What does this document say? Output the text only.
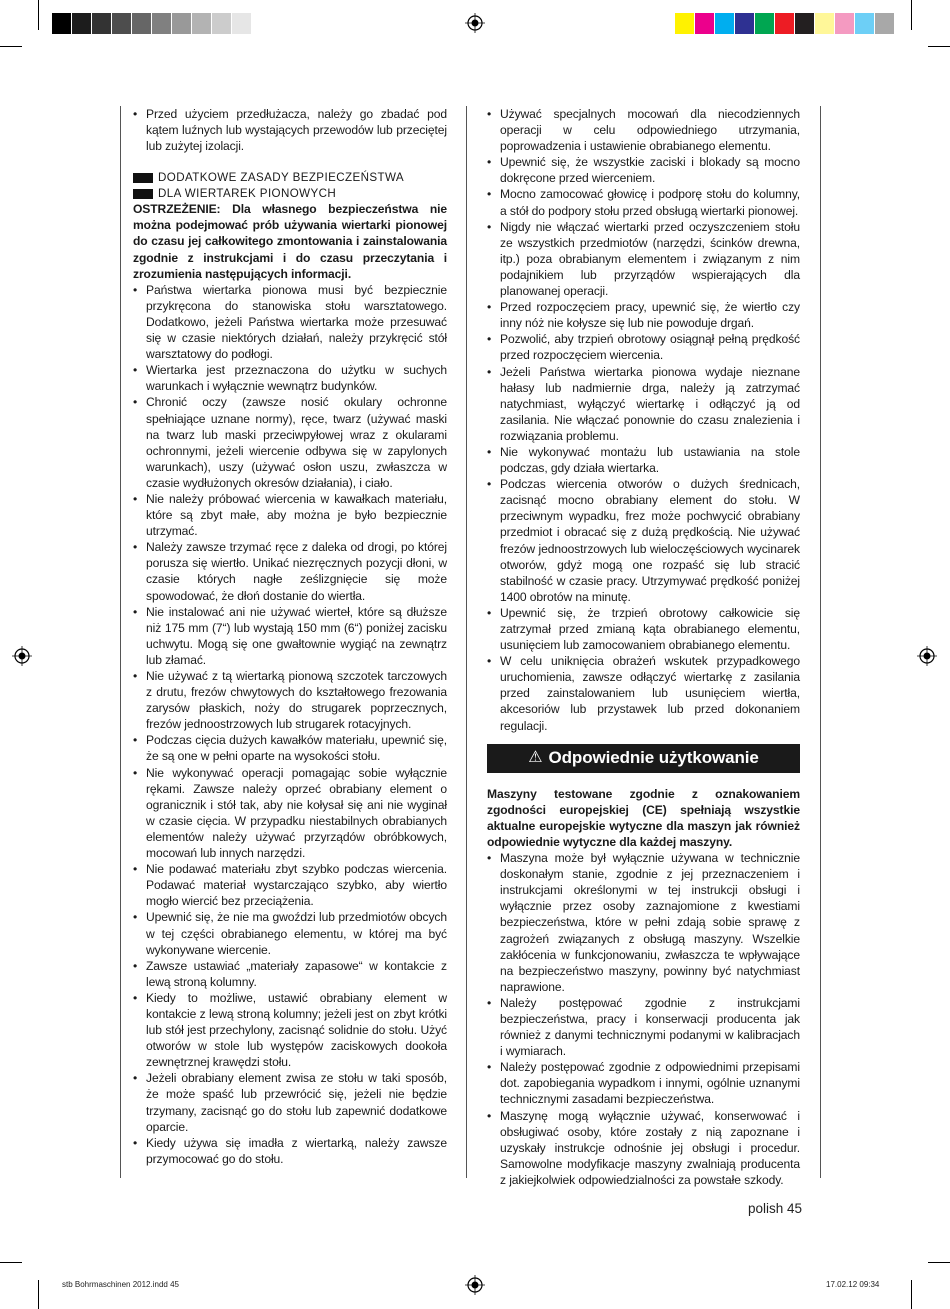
• Przed użyciem przedłużacza, należy go zbadać pod kątem luźnych lub wystających przewodów lub przeciętej lub zużytej izolacji.
DODATKOWE ZASADY BEZPIECZEŃSTWA
DLA WIERTAREK PIONOWYCH

OSTRZEŻENIE: Dla własnego bezpieczeństwa nie można podejmować prób używania wiertarki pionowej do czasu jej całkowitego zmontowania i zainstalowania zgodnie z instrukcjami i do czasu przeczytania i zrozumienia następujących informacji.

• Państwa wiertarka pionowa musi być bezpiecznie przykręcona do stanowiska stołu warsztatowego. Dodatkowo, jeżeli Państwa wiertarka może przesuwać się w czasie niektórych działań, należy przykręcić stół warsztatowy do podłogi.
• Wiertarka jest przeznaczona do użytku w suchych warunkach i wyłącznie wewnątrz budynków.
• Chronić oczy (zawsze nosić okulary ochronne spełniające uznane normy), ręce, twarz (używać maski na twarz lub maski przeciwpyłowej wraz z okularami ochronnymi, jeżeli wiercenie odbywa się w zapylonych warunkach), uszy (używać osłon uszu, zwłaszcza w czasie wydłużonych okresów działania), i ciało.
• Nie należy próbować wiercenia w kawałkach materiału, które są zbyt małe, aby można je było bezpiecznie utrzymać.
• Należy zawsze trzymać ręce z daleka od drogi, po której porusza się wiertło. Unikać niezręcznych pozycji dłoni, w czasie których nagłe ześlizgnięcie się może spowodować, że dłoń dostanie do wiertła.
• Nie instalować ani nie używać wierteł, które są dłuższe niż 175 mm (7“) lub wystają 150 mm (6“) poniżej zacisku uchwytu. Mogą się one gwałtownie wygiąć na zewnątrz lub złamać.
• Nie używać z tą wiertarką pionową szczotek tarczowych z drutu, frezów chwytowych do kształtowego frezowania zarysów płaskich, noży do strugarek poprzecznych, frezów jednoostrzowych lub strugarek rotacyjnych.
• Podczas cięcia dużych kawałków materiału, upewnić się, że są one w pełni oparte na wysokości stołu.
• Nie wykonywać operacji pomagając sobie wyłącznie rękami. Zawsze należy oprzeć obrabiany element o ogranicznik i stół tak, aby nie kołysał się ani nie wyginał w czasie cięcia. W przypadku niestabilnych obrabianych elementów należy używać przyrządów obróbkowych, mocowań lub innych narzędzi.
• Nie podawać materiału zbyt szybko podczas wiercenia. Podawać materiał wystarczająco szybko, aby wiertło mogło wiercić bez przeciążenia.
• Upewnić się, że nie ma gwoździ lub przedmiotów obcych w tej części obrabianego elementu, w której ma być wykonywane wiercenie.
• Zawsze ustawiać „materiały zapasowe“ w kontakcie z lewą stroną kolumny.
• Kiedy to możliwe, ustawić obrabiany element w kontakcie z lewą stroną kolumny; jeżeli jest on zbyt krótki lub stół jest przechylony, zacisnąć solidnie do stołu. Użyć otworów w stole lub występów zaciskowych dookoła zewnętrznej krawędzi stołu.
• Jeżeli obrabiany element zwisa ze stołu w taki sposób, że może spaść lub przewrócić się, jeżeli nie będzie trzymany, zacisnąć go do stołu lub zapewnić dodatkowe oparcie.
• Kiedy używa się imadła z wiertarką, należy zawsze przymocować go do stołu.
• Używać specjalnych mocowań dla niecodziennych operacji w celu odpowiedniego utrzymania, poprowadzenia i ustawienie obrabianego elementu.
• Upewnić się, że wszystkie zaciski i blokady są mocno dokręcone przed wierceniem.
• Mocno zamocować głowicę i podporę stołu do kolumny, a stół do podpory stołu przed obsługą wiertarki pionowej.
• Nigdy nie włączać wiertarki przed oczyszczeniem stołu ze wszystkich przedmiotów (narzędzi, ścinków drewna, itp.) poza obrabianym elementem i związanym z nim podajnikiem lub przyrządów wspierających dla planowanej operacji.
• Przed rozpoczęciem pracy, upewnić się, że wiertło czy inny nóż nie kołysze się lub nie powoduje drgań.
• Pozwolić, aby trzpień obrotowy osiągnął pełną prędkość przed rozpoczęciem wiercenia.
• Jeżeli Państwa wiertarka pionowa wydaje nieznane hałasy lub nadmiernie drga, należy ją zatrzymać natychmiast, wyłączyć wiertarkę i odłączyć ją od zasilania. Nie włączać ponownie do czasu znalezienia i rozwiązania problemu.
• Nie wykonywać montażu lub ustawiania na stole podczas, gdy działa wiertarka.
• Podczas wiercenia otworów o dużych średnicach, zacisnąć mocno obrabiany element do stołu. W przeciwnym wypadku, frez może pochwycić obrabiany przedmiot i obracać się z dużą prędkością. Nie używać frezów jednoostrzowych lub wieloczęściowych wycinarek otworów, gdyż mogą one rozpaść się lub stracić stabilność w czasie pracy. Utrzymywać prędkość poniżej 1400 obrotów na minutę.
• Upewnić się, że trzpień obrotowy całkowicie się zatrzymał przed zmianą kąta obrabianego elementu, usunięciem lub zamocowaniem obrabianego elementu.
• W celu uniknięcia obrażeń wskutek przypadkowego uruchomienia, zawsze odłączyć wiertarkę z zasilania przed zainstalowaniem lub usunięciem wiertła, akcesoriów lub przystawek lub przed dokonaniem regulacji.
⚠ Odpowiednie użytkowanie

Maszyny testowane zgodnie z oznakowaniem zgodności europejskiej (CE) spełniają wszystkie aktualne europejskie wytyczne dla maszyn jak również odpowiednie wytyczne dla każdej maszyny.

• Maszyna może był wyłącznie używana w technicznie doskonałym stanie, zgodnie z jej przeznaczeniem i instrukcjami określonymi w tej instrukcji obsługi i wyłącznie przez osoby zaznajomione z kwestiami bezpieczeństwa, które w pełni zdają sobie sprawę z zagrożeń związanych z obsługą maszyny. Wszelkie zakłócenia w funkcjonowaniu, zwłaszcza te wpływające na bezpieczeństwo maszyny, powinny być natychmiast naprawione.
• Należy postępować zgodnie z instrukcjami bezpieczeństwa, pracy i konserwacji producenta jak również z danymi technicznymi podanymi w kalibracjach i wymiarach.
• Należy postępować zgodnie z odpowiednimi przepisami dot. zapobiegania wypadkom i innymi, ogólnie uznanymi technicznymi zasadami bezpieczeństwa.
• Maszynę mogą wyłącznie używać, konserwować i obsługiwać osoby, które zostały z nią zapoznane i uzyskały instrukcje odnośnie jej obsługi i procedur. Samowolne modyfikacje maszyny zwalniają producenta z jakiejkolwiek odpowiedzialności za powstałe szkody.
polish 45
stb Bohrmaschinen 2012.indd 45	17.02.12 09:34
